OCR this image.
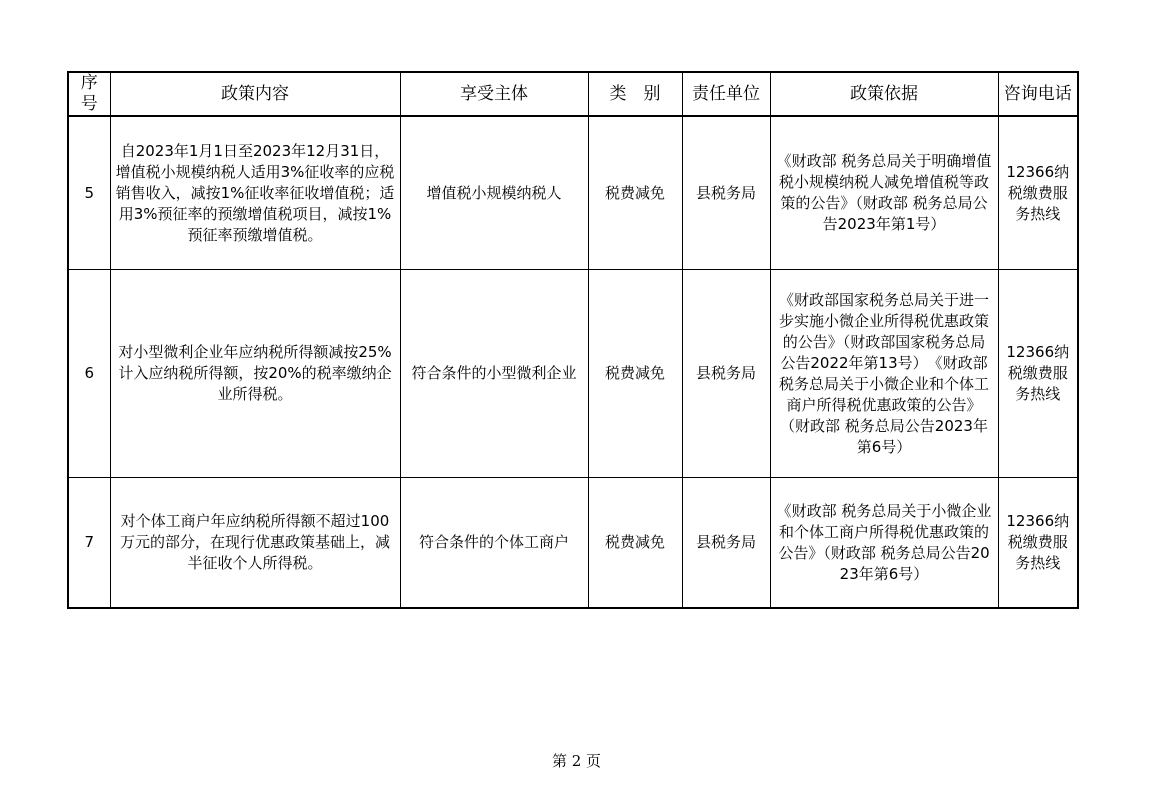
序号	政策内容	享受主体	类　别	责任单位	政策依据	咨询电话
5	自2023年1月1日至2023年12月31日，增值税小规模纳税人适用3%征收率的应税销售收入，减按1%征收率征收增值税；适用3%预征率的预缴增值税项目，减按1%预征率预缴增值税。	增值税小规模纳税人	税费减免	县税务局	《财政部 税务总局关于明确增值税小规模纳税人减免增值税等政策的公告》（财政部 税务总局公告2023年第1号）	12366纳税缴费服务热线
6	对小型微利企业年应纳税所得额减按25%计入应纳税所得额，按20%的税率缴纳企业所得税。	符合条件的小型微利企业	税费减免	县税务局	《财政部国家税务总局关于进一步实施小微企业所得税优惠政策的公告》（财政部国家税务总局公告2022年第13号）　《财政部 税务总局关于小微企业和个体工商户所得税优惠政策的公告》（财政部 税务总局公告2023年第6号）	12366纳税缴费服务热线
7	对个体工商户年应纳税所得额不超过100万元的部分，在现行优惠政策基础上，减半征收个人所得税。	符合条件的个体工商户	税费减免	县税务局	《财政部 税务总局关于小微企业和个体工商户所得税优惠政策的公告》（财政部 税务总局公告2023年第6号）	12366纳税缴费服务热线
第 2 页
